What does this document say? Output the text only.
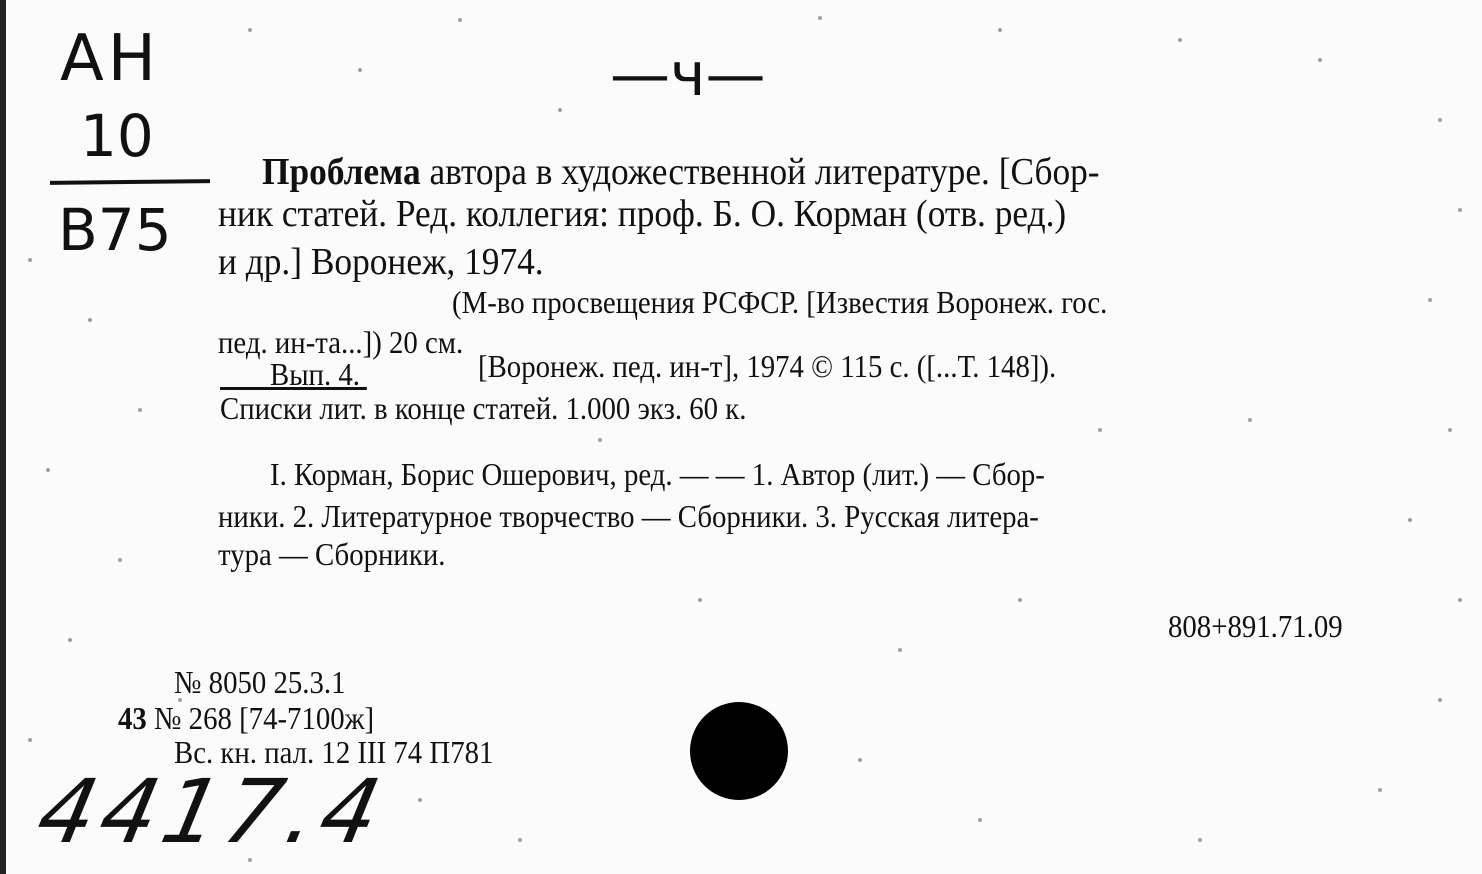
AH
10
B75
—ч—
Проблема автора в художественной литературе. [Сбор-
ник статей. Ред. коллегия: проф. Б. О. Корман (отв. ред.)
и др.] Воронеж, 1974.
(М-во просвещения РСФСР. [Известия Воронеж. гос.
пед. ин-та...]) 20 см.
Вып. 4.	[Воронеж. пед. ин-т], 1974 © 115 с. ([...Т. 148]).
Списки лит. в конце статей. 1.000 экз. 60 к.
I. Корман, Борис Ошерович, ред. — — 1. Автор (лит.) — Сбор-
ники. 2. Литературное творчество — Сборники. 3. Русская литера-
тура — Сборники.
808+891.71.09
№ 8050 25.3.1
43 № 268 [74-7100ж]
Вс. кн. пал. 12 III 74 П781
4417.4
